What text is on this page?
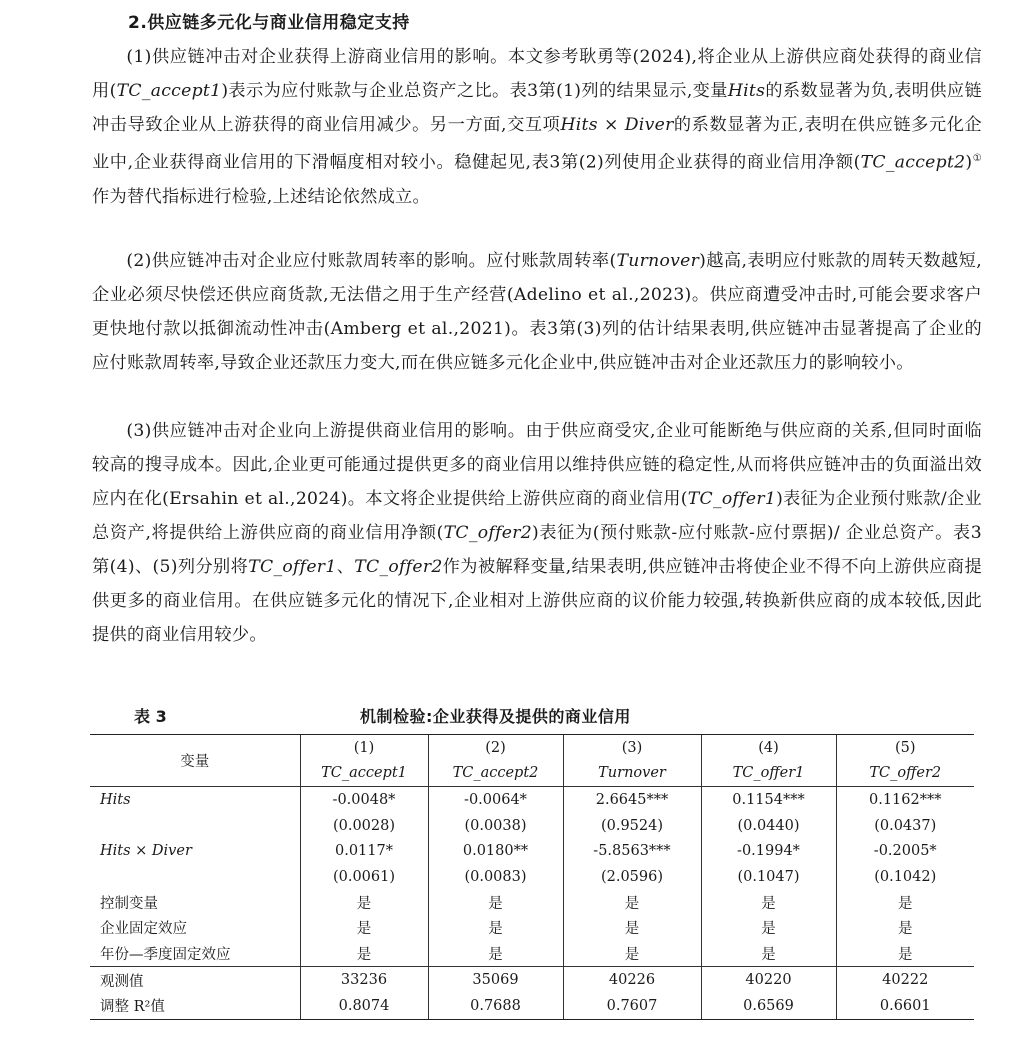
2.供应链多元化与商业信用稳定支持

(1)供应链冲击对企业获得上游商业信用的影响。本文参考耿勇等(2024),将企业从上游供应商处获得的商业信用(TC_accept1)表示为应付账款与企业总资产之比。表3第(1)列的结果显示,变量Hits的系数显著为负,表明供应链冲击导致企业从上游获得的商业信用减少。另一方面,交互项Hits × Diver的系数显著为正,表明在供应链多元化企业中,企业获得商业信用的下滑幅度相对较小。稳健起见,表3第(2)列使用企业获得的商业信用净额(TC_accept2)①作为替代指标进行检验,上述结论依然成立。

(2)供应链冲击对企业应付账款周转率的影响。应付账款周转率(Turnover)越高,表明应付账款的周转天数越短,企业必须尽快偿还供应商货款,无法借之用于生产经营(Adelino et al.,2023)。供应商遭受冲击时,可能会要求客户更快地付款以抵御流动性冲击(Amberg et al.,2021)。表3第(3)列的估计结果表明,供应链冲击显著提高了企业的应付账款周转率,导致企业还款压力变大,而在供应链多元化企业中,供应链冲击对企业还款压力的影响较小。

(3)供应链冲击对企业向上游提供商业信用的影响。由于供应商受灾,企业可能断绝与供应商的关系,但同时面临较高的搜寻成本。因此,企业更可能通过提供更多的商业信用以维持供应链的稳定性,从而将供应链冲击的负面溢出效应内在化(Ersahin et al.,2024)。本文将企业提供给上游供应商的商业信用(TC_offer1)表征为企业预付账款/企业总资产,将提供给上游供应商的商业信用净额(TC_offer2)表征为(预付账款-应付账款-应付票据)/ 企业总资产。表3第(4)、(5)列分别将TC_offer1、TC_offer2作为被解释变量,结果表明,供应链冲击将使企业不得不向上游供应商提供更多的商业信用。在供应链多元化的情况下,企业相对上游供应商的议价能力较强,转换新供应商的成本较低,因此提供的商业信用较少。

表 3	机制检验:企业获得及提供的商业信用
变量	(1)	(2)	(3)	(4)	(5)
	TC_accept1	TC_accept2	Turnover	TC_offer1	TC_offer2
Hits	-0.0048*	-0.0064*	2.6645***	0.1154***	0.1162***
	(0.0028)	(0.0038)	(0.9524)	(0.0440)	(0.0437)
Hits × Diver	0.0117*	0.0180**	-5.8563***	-0.1994*	-0.2005*
	(0.0061)	(0.0083)	(2.0596)	(0.1047)	(0.1042)
控制变量	是	是	是	是	是
企业固定效应	是	是	是	是	是
年份—季度固定效应	是	是	是	是	是
观测值	33236	35069	40226	40220	40222
调整 R²值	0.8074	0.7688	0.7607	0.6569	0.6601
